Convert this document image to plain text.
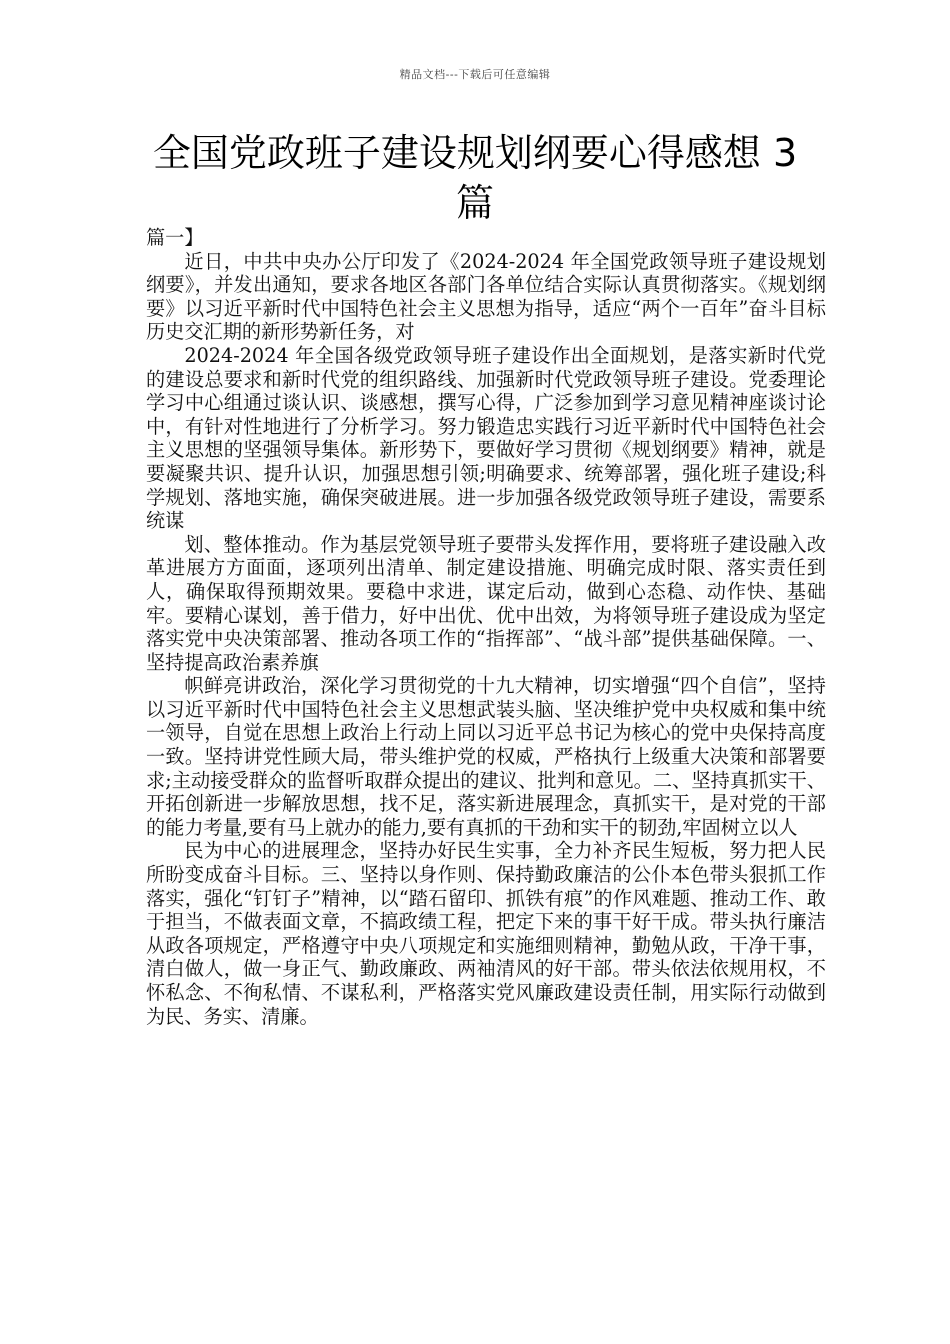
精品文档---下载后可任意编辑
全国党政班子建设规划纲要心得感想 3 篇

篇一】

近日，中共中央办公厅印发了《2024-2024 年全国党政领导班子建设规划纲要》，并发出通知，要求各地区各部门各单位结合实际认真贯彻落实。《规划纲要》以习近平新时代中国特色社会主义思想为指导，适应“两个一百年”奋斗目标历史交汇期的新形势新任务，对

2024-2024 年全国各级党政领导班子建设作出全面规划，是落实新时代党的建设总要求和新时代党的组织路线、加强新时代党政领导班子建设。党委理论学习中心组通过谈认识、谈感想，撰写心得，广泛参加到学习意见精神座谈讨论中，有针对性地进行了分析学习。努力锻造忠实践行习近平新时代中国特色社会主义思想的坚强领导集体。新形势下，要做好学习贯彻《规划纲要》精神，就是要凝聚共识、提升认识，加强思想引领;明确要求、统筹部署，强化班子建设;科学规划、落地实施，确保突破进展。进一步加强各级党政领导班子建设，需要系统谋

划、整体推动。作为基层党领导班子要带头发挥作用，要将班子建设融入改革进展方方面面，逐项列出清单、制定建设措施、明确完成时限、落实责任到人，确保取得预期效果。要稳中求进，谋定后动，做到心态稳、动作快、基础牢。要精心谋划，善于借力，好中出优、优中出效，为将领导班子建设成为坚定落实党中央决策部署、推动各项工作的“指挥部”、“战斗部”提供基础保障。一、坚持提高政治素养旗

帜鲜亮讲政治，深化学习贯彻党的十九大精神，切实增强“四个自信”，坚持以习近平新时代中国特色社会主义思想武装头脑、坚决维护党中央权威和集中统一领导，自觉在思想上政治上行动上同以习近平总书记为核心的党中央保持高度一致。坚持讲党性顾大局，带头维护党的权威，严格执行上级重大决策和部署要求;主动接受群众的监督听取群众提出的建议、批判和意见。二、坚持真抓实干、开拓创新进一步解放思想，找不足，落实新进展理念，真抓实干，是对党的干部的能力考量,要有马上就办的能力,要有真抓的干劲和实干的韧劲,牢固树立以人

民为中心的进展理念，坚持办好民生实事，全力补齐民生短板，努力把人民所盼变成奋斗目标。三、坚持以身作则、保持勤政廉洁的公仆本色带头狠抓工作落实，强化“钉钉子”精神，以“踏石留印、抓铁有痕”的作风难题、推动工作、敢于担当，不做表面文章，不搞政绩工程，把定下来的事干好干成。带头执行廉洁从政各项规定，严格遵守中央八项规定和实施细则精神，勤勉从政，干净干事，清白做人，做一身正气、勤政廉政、两袖清风的好干部。带头依法依规用权，不怀私念、不徇私情、不谋私利，严格落实党风廉政建设责任制，用实际行动做到为民、务实、清廉。
